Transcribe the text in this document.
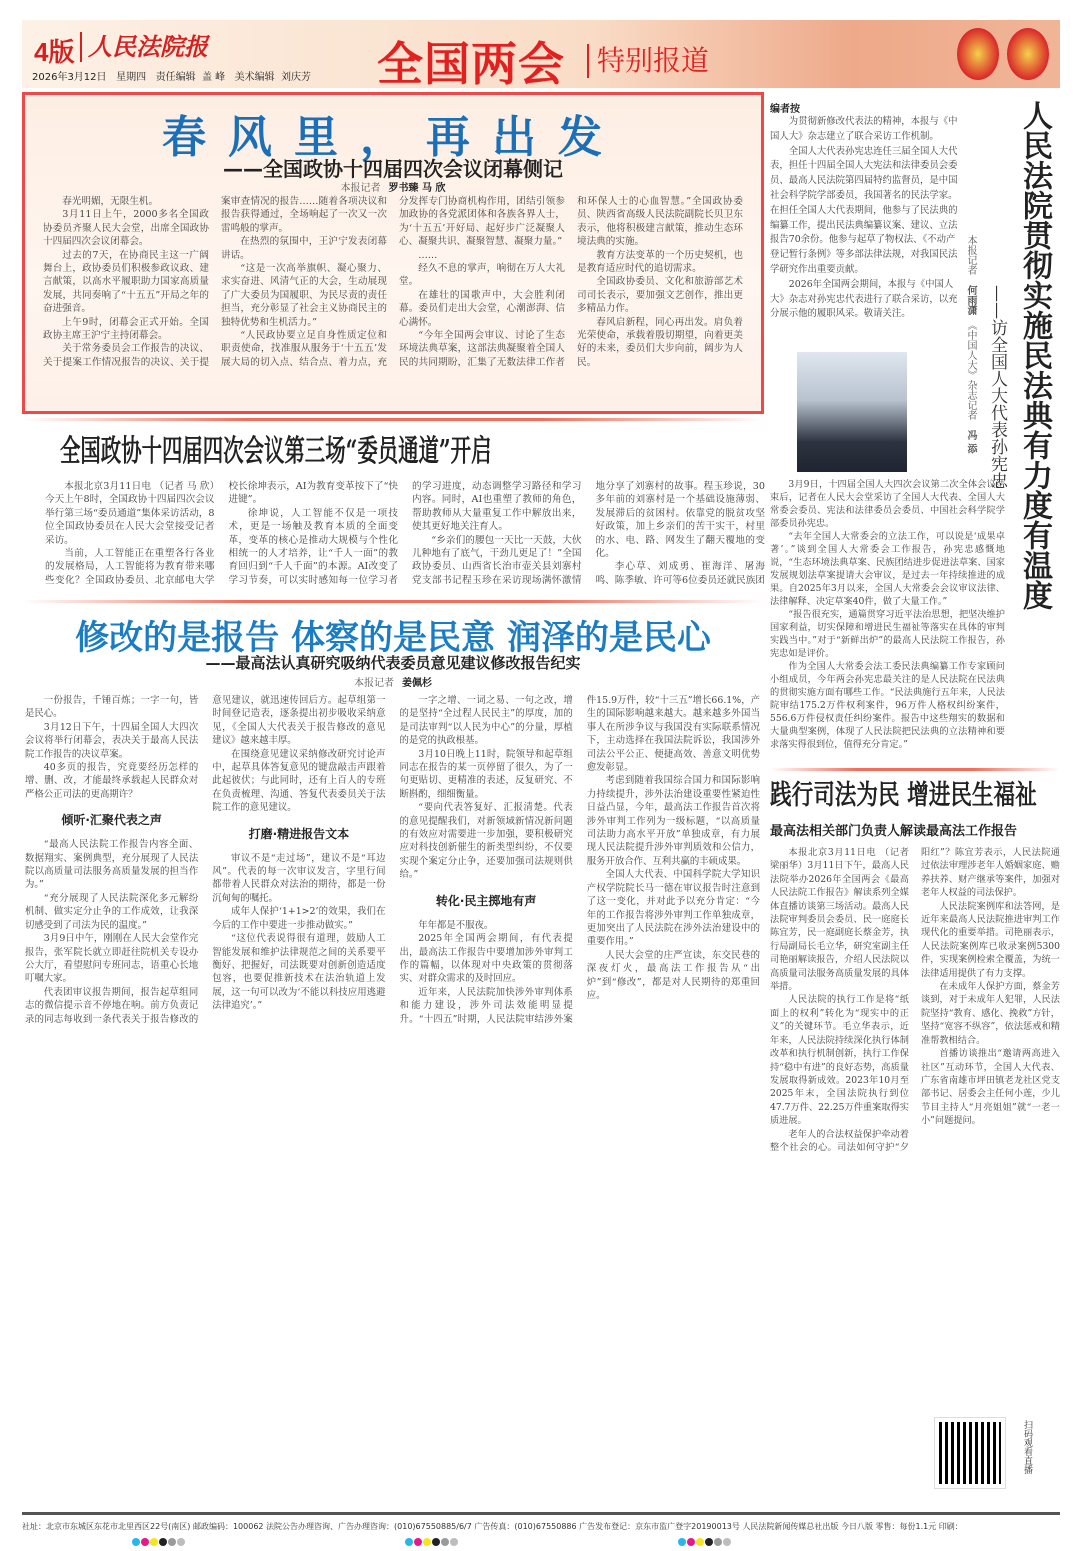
4版 人民法院报
2026年3月12日   星期四   责任编辑  盖 峰   美术编辑  刘庆芳 全国两会	特别报道
春风里，再出发
——全国政协十四届四次会议闭幕侧记
本报记者 罗书臻 马 欣

春光明媚，无限生机。

3月11日上午，2000多名全国政协委员齐聚人民大会堂，出席全国政协十四届四次会议闭幕会。

过去的7天，在协商民主这一广阔舞台上，政协委员们积极参政议政、建言献策，以高水平履职助力国家高质量发展，共同奏响了“十五五”开局之年的奋进强音。

上午9时，闭幕会正式开始。全国政协主席王沪宁主持闭幕会。

关于常务委员会工作报告的决议、关于提案工作情况报告的决议、关于提案审查情况的报告……随着各项决议和报告获得通过，全场响起了一次又一次雷鸣般的掌声。

在热烈的氛围中，王沪宁发表闭幕讲话。

“这是一次高举旗帜、凝心聚力、求实奋进、风清气正的大会，生动展现了广大委员为国履职、为民尽责的责任担当，充分彰显了社会主义协商民主的独特优势和生机活力。”

“人民政协要立足自身性质定位和职责使命，找准服从服务于‘十五五’发展大局的切入点、结合点、着力点，充分发挥专门协商机构作用，团结引领参加政协的各党派团体和各族各界人士，为‘十五五’开好局、起好步广泛凝聚人心、凝聚共识、凝聚智慧、凝聚力量。”

……

经久不息的掌声，响彻在万人大礼堂。

在雄壮的国歌声中，大会胜利闭幕。委员们走出大会堂，心潮澎湃、信心满怀。

“今年全国两会审议、讨论了生态环境法典草案，这部法典凝聚着全国人民的共同期盼，汇集了无数法律工作者和环保人士的心血智慧。”全国政协委员、陕西省高级人民法院副院长贝卫东表示，他将积极建言献策，推动生态环境法典的实施。

教育方法变革的一个历史契机，也是教育适应时代的追切需求。

全国政协委员、文化和旅游部艺术司司长表示，要加强文艺创作，推出更多精品力作。

春风启新程，同心再出发。肩负着光荣使命，承载着殷切期望，向着更美好的未来，委员们大步向前，阔步为人民。

编者按

为贯彻新修改代表法的精神，本报与《中国人大》杂志建立了联合采访工作机制。

全国人大代表孙宪忠连任三届全国人大代表，担任十四届全国人大宪法和法律委员会委员、最高人民法院第四届特约监督员，是中国社会科学院学部委员，我国著名的民法学家。在担任全国人大代表期间，他参与了民法典的编纂工作，提出民法典编纂议案、建议、立法报告70余份。他参与起草了物权法、《不动产登记暂行条例》等多部法律法规，对我国民法学研究作出重要贡献。

2026年全国两会期间，本报与《中国人大》杂志对孙宪忠代表进行了联合采访，以充分展示他的履职风采。敬请关注。	人民法院贯彻实施民法典有力度有温度
——访全国人大代表孙宪忠
本报记者　何雨潇　《中国人大》杂志记者　冯 添

3月9日，十四届全国人大四次会议第二次全体会议结束后，记者在人民大会堂采访了全国人大代表、全国人大常委会委员、宪法和法律委员会委员、中国社会科学院学部委员孙宪忠。

“去年全国人大常委会的立法工作，可以说是‘成果卓著’。”谈到全国人大常委会工作报告，孙宪忠感慨地说，“生态环境法典草案、民族团结进步促进法草案、国家发展规划法草案提请大会审议，是过去一年持续推进的成果。自2025年3月以来，全国人大常委会会议审议法律、法律解释、决定草案40件，做了大量工作。”

“报告很充实，通篇贯穿习近平法治思想，把坚决维护国家利益，切实保障和增进民生福祉等落实在具体的审判实践当中。”对于“新鲜出炉”的最高人民法院工作报告，孙宪忠如是评价。

作为全国人大常委会法工委民法典编纂工作专家顾问小组成员，今年两会孙宪忠最关注的是人民法院在民法典的贯彻实施方面有哪些工作。“民法典施行五年来，人民法院审结175.2万件权利案件，96万件人格权纠纷案件，556.6万件侵权责任纠纷案件。报告中这些翔实的数据和大量典型案例，体现了人民法院把民法典的立法精神和要求落实得很到位，值得充分肯定。”

全国政协十四届四次会议第三场“委员通道”开启

本报北京3月11日电 （记者 马 欣）今天上午8时，全国政协十四届四次会议举行第三场“委员通道”集体采访活动，8位全国政协委员在人民大会堂接受记者采访。

当前，人工智能正在重塑各行各业的发展格局，人工智能将为教育带来哪些变化？全国政协委员、北京邮电大学校长徐坤表示，AI为教育变革按下了“快进键”。

徐坤说，人工智能不仅是一项技术，更是一场触及教育本质的全面变革，变革的核心是推动大规模与个性化相统一的人才培养，让“千人一面”的教育回归到“千人千面”的本源。AI改变了学习节奏，可以实时感知每一位学习者的学习进度，动态调整学习路径和学习内容。同时，AI也重塑了教师的角色，帮助教师从大量重复工作中解放出来，使其更好地关注育人。

“乡亲们的腰包一天比一天鼓，大伙儿种地有了底气，干劲儿更足了！”全国政协委员、山西省长治市壶关县刘寨村党支部书记程玉珍在采访现场满怀激情地分享了刘寨村的故事。程玉珍说，30多年前的刘寨村是一个基础设施薄弱、发展滞后的贫困村。依靠党的脱贫攻坚好政策，加上乡亲们的苦干实干，村里的水、电、路、网发生了翻天覆地的变化。

李心草、刘成勇、崔海洋、屠海鸣、陈季敏、许可等6位委员还就民族团

修改的是报告 体察的是民意 润泽的是民心
——最高法认真研究吸纳代表委员意见建议修改报告纪实
本报记者 姜佩杉

一份报告，千锤百炼；一字一句，皆是民心。

3月12日下午，十四届全国人大四次会议将举行闭幕会，表决关于最高人民法院工作报告的决议草案。

40多页的报告，究竟要经历怎样的增、删、改，才能最终承载起人民群众对严格公正司法的更高期许？

倾听·汇聚代表之声

“最高人民法院工作报告内容全面、数据翔实、案例典型，充分展现了人民法院以高质量司法服务高质量发展的担当作为。”

“充分展现了人民法院深化多元解纷机制、做实定分止争的工作成效，让我深切感受到了司法为民的温度。”

3月9日中午，刚刚在人民大会堂作完报告，张军院长就立即赶往院机关专设办公大厅，看望慰问专班同志，语重心长地叮嘱大家。

代表团审议报告期间，报告起草组同志的微信提示音不停地在响。前方负责记录的同志每收到一条代表关于报告修改的意见建议，就迅速传回后方。起草组第一时间登记造表，逐条提出初步吸收采纳意见，《全国人大代表关于报告修改的意见建议》越来越丰厚。

在围绕意见建议采纳修改研究讨论声中，起草具体答复意见的键盘敲击声跟着此起彼伏；与此同时，还有上百人的专班在负责梳理、沟通、答复代表委员关于法院工作的意见建议。

打磨·精进报告文本

审议不是“走过场”，建议不是“耳边风”。代表的每一次审议发言，字里行间都带着人民群众对法治的期待，都是一份沉甸甸的嘱托。

成年人保护‘1+1>2’的效果，我们在今后的工作中要进一步推动做实。”

“这位代表说得很有道理，鼓励人工智能发展和维护法律规范之间的关系要平衡好、把握好，司法既要对创新创造适度包容，也要促推新技术在法治轨道上发展，这一句可以改为‘不能以科技应用逃避法律追究’。”

一字之增、一词之易、一句之改，增的是坚持“全过程人民民主”的厚度，加的是司法审判“以人民为中心”的分量，厚植的是党的执政根基。

3月10日晚上11时，院领导和起草组同志在报告的某一页停留了很久，为了一句更贴切、更精准的表述，反复研究、不断斟酌，细细衡量。

“要向代表答复好、汇报清楚。代表的意见提醒我们，对新领域新情况新问题的有效应对需要进一步加强，要积极研究应对科技创新催生的新类型纠纷，不仅要实现个案定分止争，还要加强司法规则供给。”

转化·民主掷地有声

年年都是不服夜。

2025年全国两会期间，有代表提出，最高法工作报告中要增加涉外审判工作的篇幅，以体现对中央政策的贯彻落实、对群众需求的及时回应。

近年来，人民法院加快涉外审判体系和能力建设，涉外司法效能明显提升。“十四五”时期，人民法院审结涉外案件15.9万件，较“十三五”增长66.1%，产生的国际影响越来越大。越来越多外国当事人在所涉争议与我国没有实际联系情况下，主动选择在我国法院诉讼，我国涉外司法公平公正、便捷高效、善意文明优势愈发彰显。

考虑到随着我国综合国力和国际影响力持续提升，涉外法治建设重要性紧迫性日益凸显，今年，最高法工作报告首次将涉外审判工作列为一级标题，“以高质量司法助力高水平开放”单独成章，有力展现人民法院提升涉外审判质效和公信力，服务开放合作、互利共赢的丰硕成果。

全国人大代表、中国科学院大学知识产权学院院长马一德在审议报告时注意到了这一变化，并对此予以充分肯定：“今年的工作报告将涉外审判工作单独成章，更加突出了人民法院在涉外法治建设中的重要作用。”

人民大会堂的庄严宣读，东交民巷的深夜灯火，最高法工作报告从“出炉”到“修改”，都是对人民期待的郑重回应。

践行司法为民 增进民生福祉
最高法相关部门负责人解读最高法工作报告

本报北京3月11日电 （记者 梁丽华）3月11日下午，最高人民法院举办2026年全国两会《最高人民法院工作报告》解读系列全媒体直播访谈第三场活动。最高人民法院审判委员会委员、民一庭庭长陈宜芳，民一庭副庭长蔡金芳，执行局副局长毛立华，研究室副主任司艳丽解读报告，介绍人民法院以高质量司法服务高质量发展的具体举措。

人民法院的执行工作是将“纸面上的权利”转化为“现实中的正义”的关键环节。毛立华表示，近年来，人民法院持续深化执行体制改革和执行机制创新，执行工作保持“稳中有进”的良好态势，高质量发展取得新成效。2023年10月至2025年末，全国法院执行到位47.7万件、22.25万件重案取得实质进展。

老年人的合法权益保护牵动着整个社会的心。司法如何守护“夕阳红”？陈宜芳表示，人民法院通过依法审理涉老年人婚姻家庭、赡养扶养、财产继承等案件，加强对老年人权益的司法保护。

人民法院案例库和法答网，是近年来最高人民法院推进审判工作现代化的重要举措。司艳丽表示，人民法院案例库已收录案例5300件，实现案例检索全覆盖，为统一法律适用提供了有力支撑。

在未成年人保护方面，蔡金芳谈到，对于未成年人犯罪，人民法院坚持“教育、感化、挽救”方针，坚持“宽容不纵容”，依法惩戒和精准帮教相结合。

首播访谈推出“邀请两高进入社区”互动环节，全国人大代表、广东省南雄市坪田镇老龙社区党支部书记、居委会主任何小莲，少儿节目主持人“月亮姐姐”就“一老一小”问题提问。

扫码观看直播
社址：北京市东城区东花市北里西区22号(南区) 邮政编码：100062 法院公告办理咨询、广告办理咨询：(010)67550885/6/7 广告传真：(010)67550886 广告发布登记：京东市监广登字20190013号 人民法院新闻传媒总社出版 今日八版 零售：每份1.1元 印刷：
